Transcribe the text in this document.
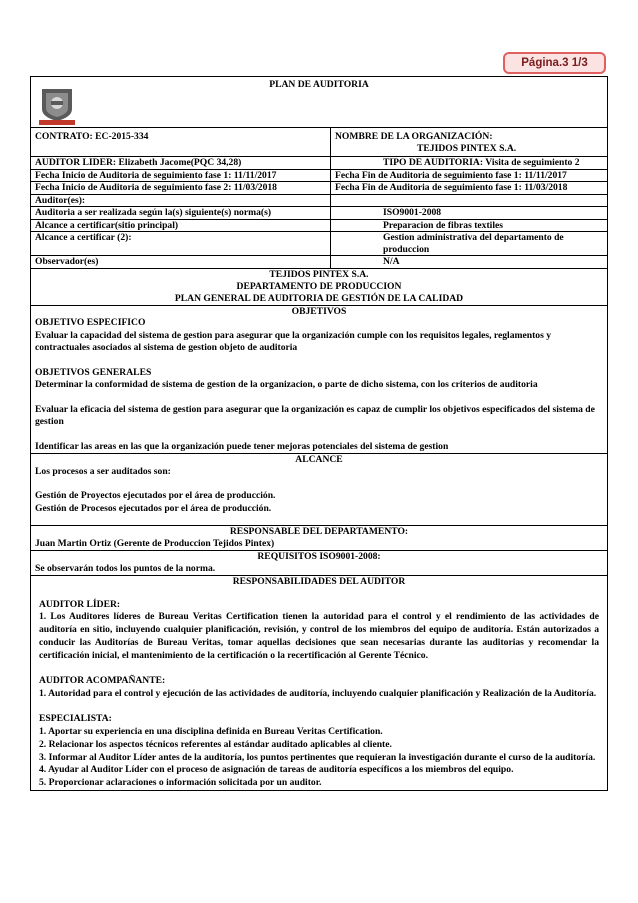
Página.3 1/3
PLAN DE AUDITORIA
CONTRATO: EC-2015-334	NOMBRE DE LA ORGANIZACIÓN:
TEJIDOS PINTEX S.A.
AUDITOR LIDER: Elizabeth Jacome(PQC 34,28)	TIPO DE AUDITORIA: Visita de seguimiento 2
Fecha Inicio de Auditoria de seguimiento fase 1: 11/11/2017	Fecha Fin de Auditoria de seguimiento fase 1: 11/11/2017
Fecha Inicio de Auditoria de seguimiento fase 2: 11/03/2018	Fecha Fin de Auditoria de seguimiento fase 1: 11/03/2018
Auditor(es):
Auditoria a ser realizada según la(s) siguiente(s) norma(s)	ISO9001-2008
Alcance a certificar(sitio principal)	Preparacion de fibras textiles
Alcance a certificar (2):	Gestion administrativa del departamento de
produccion
Observador(es)	N/A
TEJIDOS PINTEX S.A.
DEPARTAMENTO DE PRODUCCION
PLAN GENERAL DE AUDITORIA DE GESTIÓN DE LA CALIDAD
OBJETIVOS
OBJETIVO ESPECIFICO
Evaluar la capacidad del sistema de gestion para asegurar que la organización cumple con los requisitos legales, reglamentos y contractuales asociados al sistema de gestion objeto de auditoria
OBJETIVOS GENERALES
Determinar la conformidad de sistema de gestion de la organizacion, o parte de dicho sistema, con los criterios de auditoria
Evaluar la eficacia del sistema de gestion para asegurar que la organización es capaz de cumplir los objetivos especificados del sistema de gestion
Identificar las areas en las que la organización puede tener mejoras potenciales del sistema de gestion
ALCANCE
Los procesos a ser auditados son:
Gestión de Proyectos ejecutados por el área de producción.
Gestión de Procesos ejecutados por el área de producción.
RESPONSABLE DEL DEPARTAMENTO:
Juan Martin Ortiz (Gerente de Produccion Tejidos Pintex)
REQUISITOS ISO9001-2008:
Se observarán todos los puntos de la norma.
RESPONSABILIDADES DEL AUDITOR
AUDITOR LÍDER:
1. Los Auditores líderes de Bureau Veritas Certification tienen la autoridad para el control y el rendimiento de las actividades de auditoría en sitio, incluyendo cualquier planificación, revisión, y control de los miembros del equipo de auditoría. Están autorizados a conducir las Auditorías de Bureau Veritas, tomar aquellas decisiones que sean necesarias durante las auditorias y recomendar la certificación inicial, el mantenimiento de la certificación o la recertificación al Gerente Técnico.
AUDITOR ACOMPAÑANTE:
1. Autoridad para el control y ejecución de las actividades de auditoría, incluyendo cualquier planificación y Realización de la Auditoría.
ESPECIALISTA:
1. Aportar su experiencia en una disciplina definida en Bureau Veritas Certification.
2. Relacionar los aspectos técnicos referentes al estándar auditado aplicables al cliente.
3. Informar al Auditor Líder antes de la auditoría, los puntos pertinentes que requieran la investigación durante el curso de la auditoría.
4. Ayudar al Auditor Líder con el proceso de asignación de tareas de auditoría específicos a los miembros del equipo.
5. Proporcionar aclaraciones o información solicitada por un auditor.
